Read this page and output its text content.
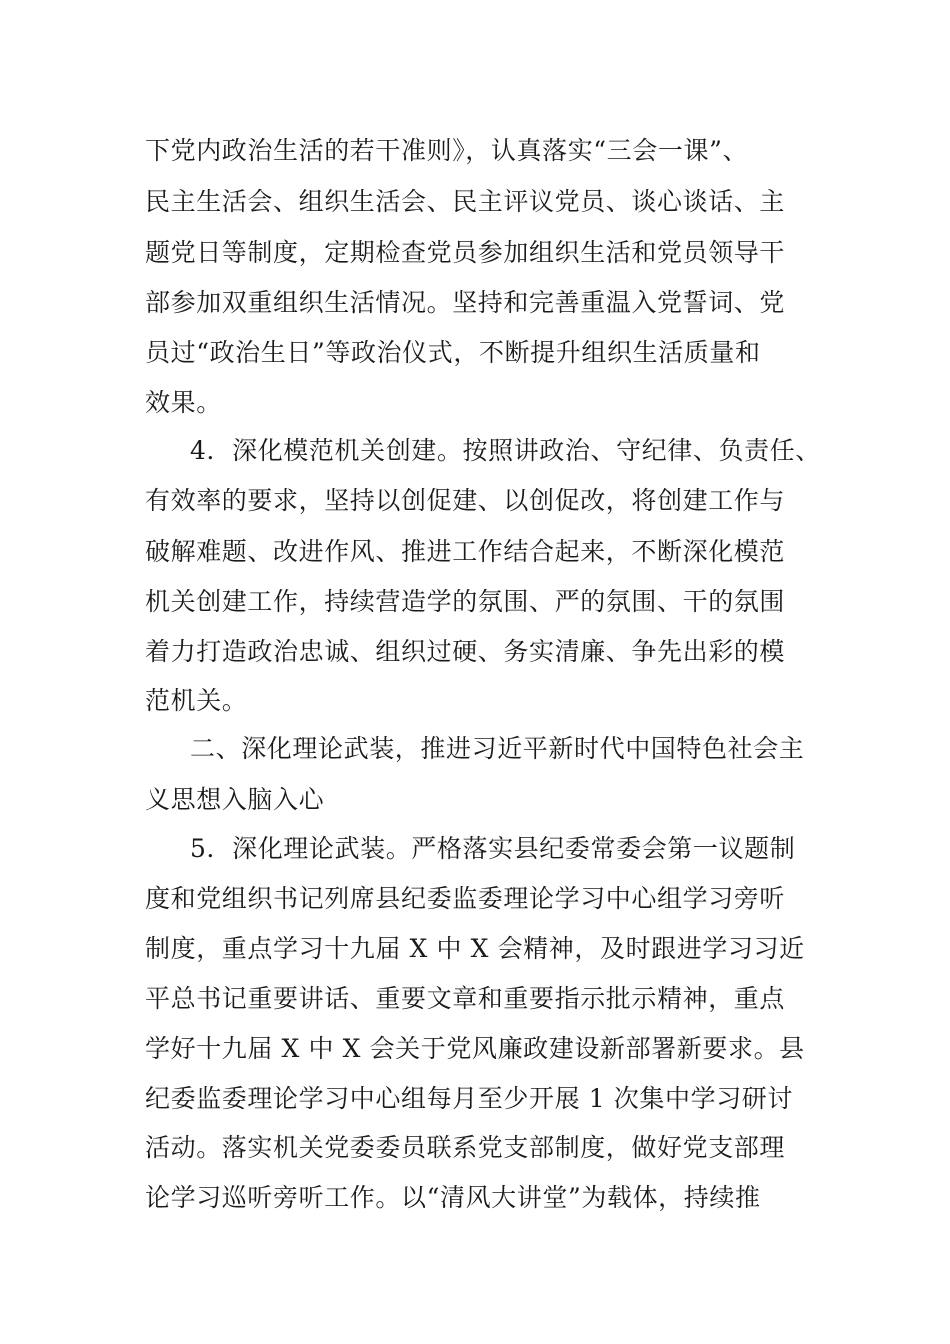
下党内政治生活的若干准则》，认真落实“三会一课”、
民主生活会、组织生活会、民主评议党员、谈心谈话、主
题党日等制度，定期检查党员参加组织生活和党员领导干
部参加双重组织生活情况。坚持和完善重温入党誓词、党
员过“政治生日”等政治仪式，不断提升组织生活质量和
效果。
4．深化模范机关创建。按照讲政治、守纪律、负责任、
有效率的要求，坚持以创促建、以创促改，将创建工作与
破解难题、改进作风、推进工作结合起来，不断深化模范
机关创建工作，持续营造学的氛围、严的氛围、干的氛围
着力打造政治忠诚、组织过硬、务实清廉、争先出彩的模
范机关。
二、深化理论武装，推进习近平新时代中国特色社会主
义思想入脑入心
5．深化理论武装。严格落实县纪委常委会第一议题制
度和党组织书记列席县纪委监委理论学习中心组学习旁听
制度，重点学习十九届 X 中 X 会精神，及时跟进学习习近
平总书记重要讲话、重要文章和重要指示批示精神，重点
学好十九届 X 中 X 会关于党风廉政建设新部署新要求。县
纪委监委理论学习中心组每月至少开展 1 次集中学习研讨
活动。落实机关党委委员联系党支部制度，做好党支部理
论学习巡听旁听工作。以“清风大讲堂”为载体，持续推
